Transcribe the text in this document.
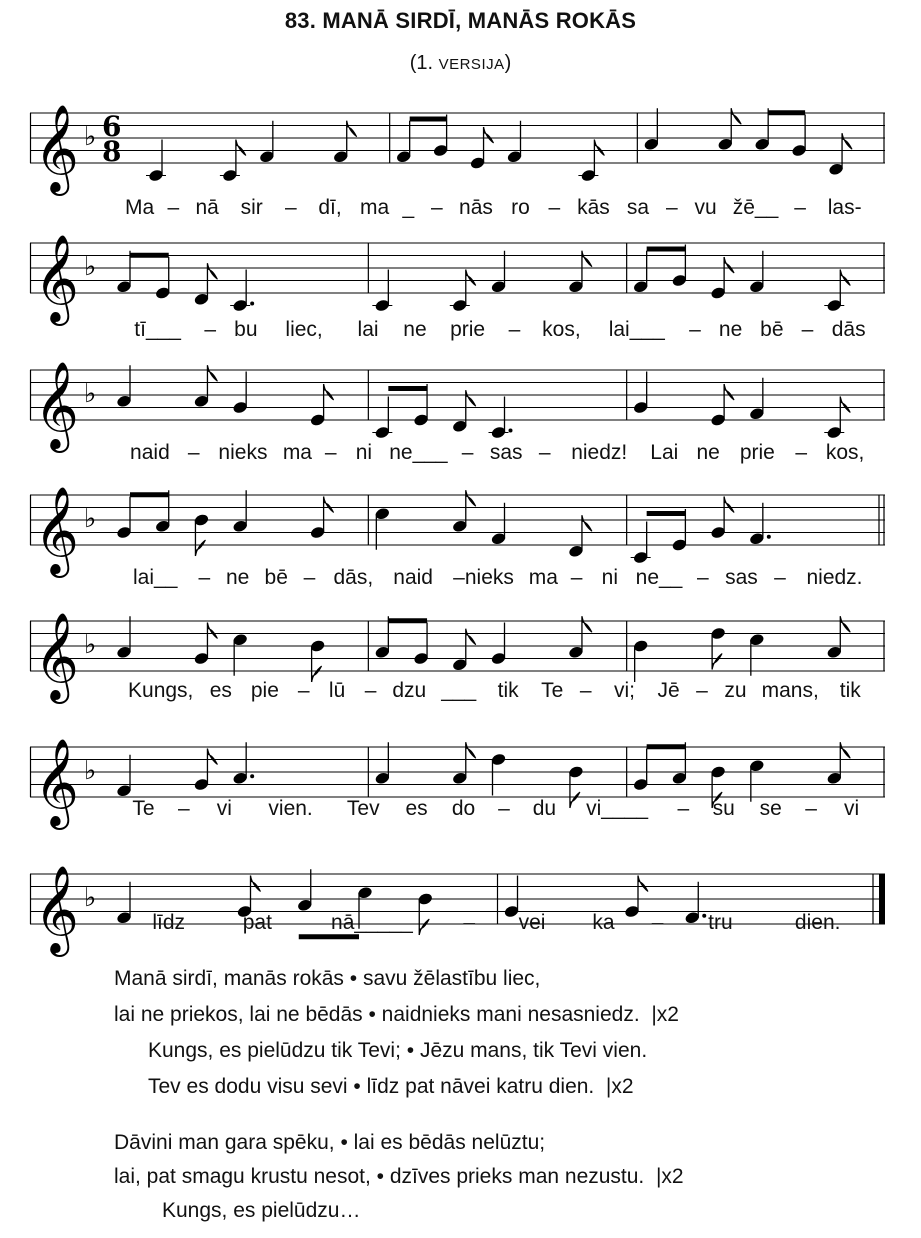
83. MANĀ SIRDĪ, MANĀS ROKĀS
(1. VERSIJA)
𝄞 ♭ 6
8
Ma – nā sir – dī, ma _ – nās ro – kās sa – vu žē__ – las-
𝄞 ♭
tī___ – bu liec, lai ne prie – kos, lai___ – ne bē – dās
𝄞 ♭
naid – nieks ma – ni ne___ – sas – niedz! Lai ne prie – kos,
𝄞 ♭
lai__ – ne bē – dās, naid –nieks ma – ni ne__ – sas – niedz.
𝄞 ♭
Kungs, es pie – lū – dzu ___ tik Te – vi; Jē – zu mans, tik
𝄞 ♭
Te – vi vien. Tev es do – du vi____ – su se – vi
𝄞 ♭
līdz	pat	nā_____ – vei ka – tru	dien.
Manā sirdī, manās rokās • savu žēlastību liec,
lai ne priekos, lai ne bēdās • naidnieks mani nesasniedz.  |x2
Kungs, es pielūdzu tik Tevi; • Jēzu mans, tik Tevi vien.
Tev es dodu visu sevi • līdz pat nāvei katru dien.  |x2
Dāvini man gara spēku, • lai es bēdās nelūztu;
lai, pat smagu krustu nesot, • dzīves prieks man nezustu.  |x2
Kungs, es pielūdzu…
